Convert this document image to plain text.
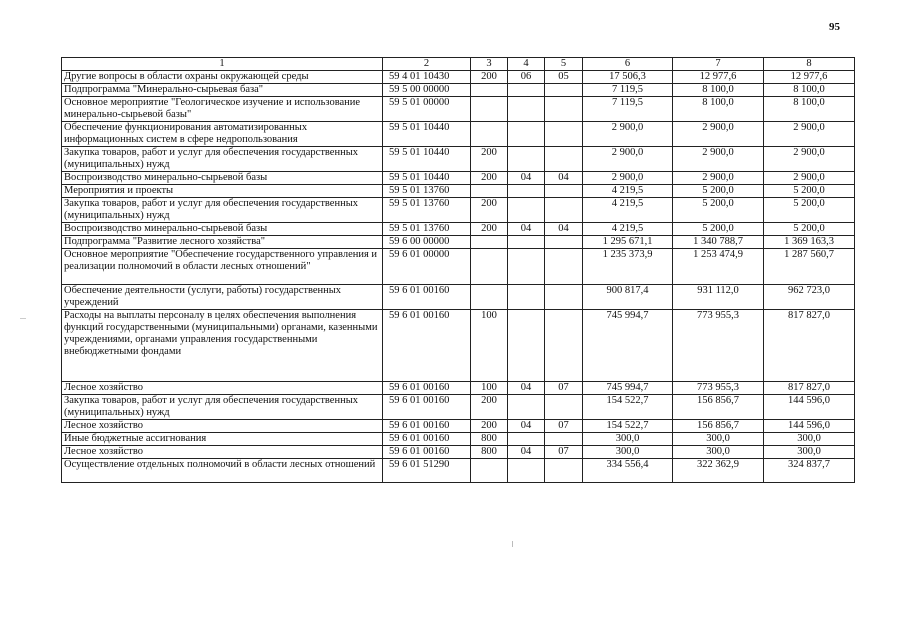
95
1	2	3	4	5	6	7	8
Другие вопросы в области охраны окружающей среды	59 4 01 10430	200	06	05	17 506,3	12 977,6	12 977,6
Подпрограмма "Минерально-сырьевая база"	59 5 00 00000				7 119,5	8 100,0	8 100,0
Основное мероприятие "Геологическое изучение и использование минерально-сырьевой базы"	59 5 01 00000				7 119,5	8 100,0	8 100,0
Обеспечение функционирования автоматизированных информационных систем в сфере недропользования	59 5 01 10440				2 900,0	2 900,0	2 900,0
Закупка товаров, работ и услуг для обеспечения государственных (муниципальных) нужд	59 5 01 10440	200			2 900,0	2 900,0	2 900,0
Воспроизводство минерально-сырьевой базы	59 5 01 10440	200	04	04	2 900,0	2 900,0	2 900,0
Мероприятия и проекты	59 5 01 13760				4 219,5	5 200,0	5 200,0
Закупка товаров, работ и услуг для обеспечения государственных (муниципальных) нужд	59 5 01 13760	200			4 219,5	5 200,0	5 200,0
Воспроизводство минерально-сырьевой базы	59 5 01 13760	200	04	04	4 219,5	5 200,0	5 200,0
Подпрограмма "Развитие лесного хозяйства"	59 6 00 00000				1 295 671,1	1 340 788,7	1 369 163,3
Основное мероприятие "Обеспечение государственного управления и реализации полномочий в области лесных отношений"	59 6 01 00000				1 235 373,9	1 253 474,9	1 287 560,7
Обеспечение деятельности (услуги, работы) государственных учреждений	59 6 01 00160				900 817,4	931 112,0	962 723,0
Расходы на выплаты персоналу в целях обеспечения выполнения функций государственными (муниципальными) органами, казенными учреждениями, органами управления государственными внебюджетными фондами	59 6 01 00160	100			745 994,7	773 955,3	817 827,0
Лесное хозяйство	59 6 01 00160	100	04	07	745 994,7	773 955,3	817 827,0
Закупка товаров, работ и услуг для обеспечения государственных (муниципальных) нужд	59 6 01 00160	200			154 522,7	156 856,7	144 596,0
Лесное хозяйство	59 6 01 00160	200	04	07	154 522,7	156 856,7	144 596,0
Иные бюджетные ассигнования	59 6 01 00160	800			300,0	300,0	300,0
Лесное хозяйство	59 6 01 00160	800	04	07	300,0	300,0	300,0
Осуществление отдельных полномочий в области лесных отношений	59 6 01 51290				334 556,4	322 362,9	324 837,7
